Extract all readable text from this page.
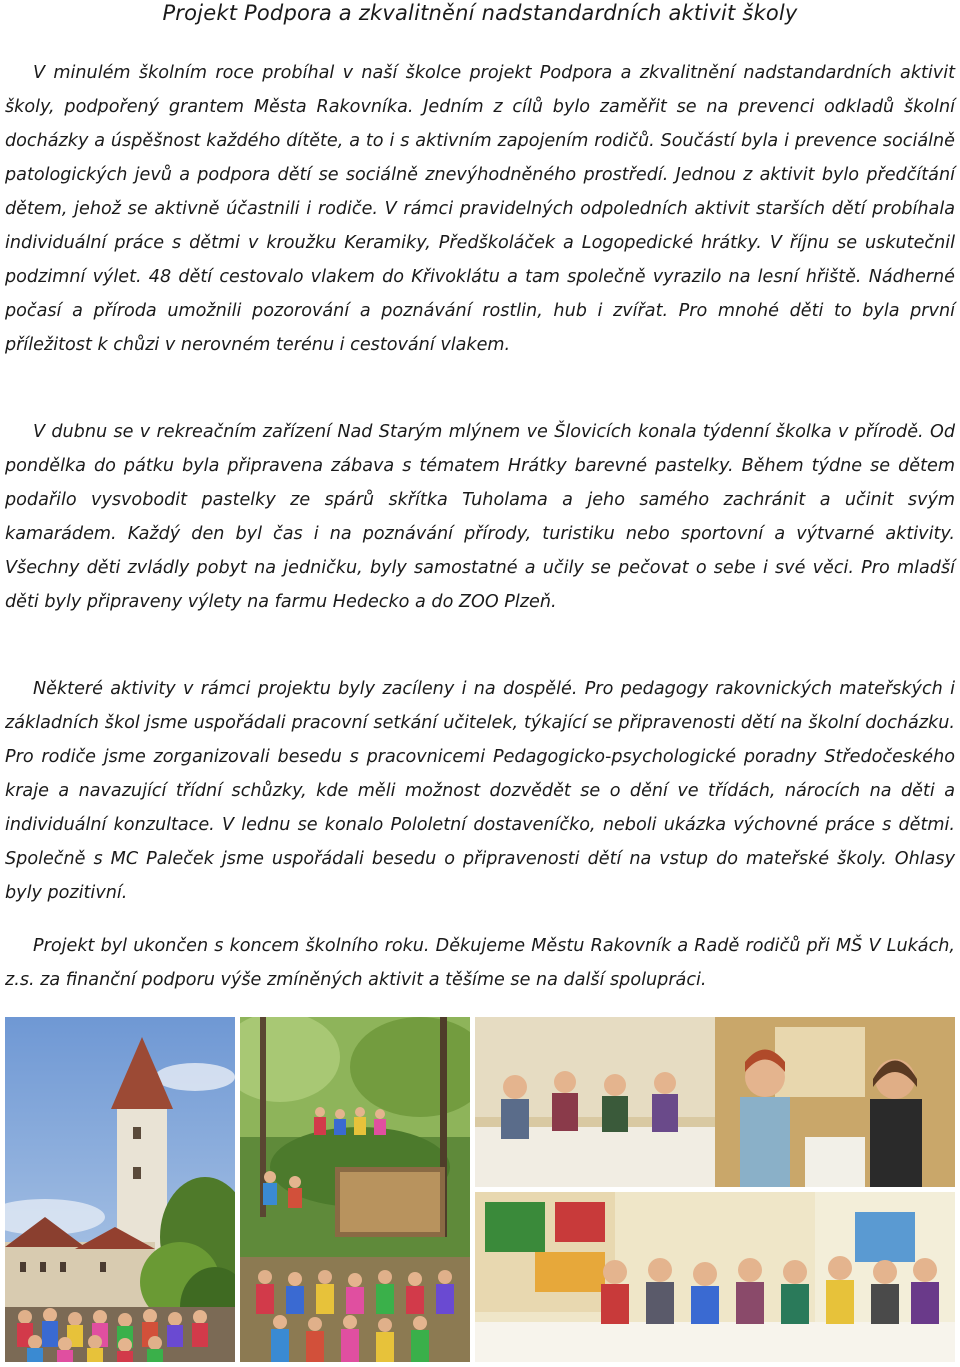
Projekt Podpora a zkvalitnění nadstandardních aktivit školy

V minulém školním roce probíhal v naší školce projekt Podpora a zkvalitnění nadstandardních aktivit školy, podpořený grantem Města Rakovníka. Jedním z cílů bylo zaměřit se na prevenci odkladů školní docházky a úspěšnost každého dítěte, a to i s aktivním zapojením rodičů. Součástí byla i prevence sociálně patologických jevů a podpora dětí se sociálně znevýhodněného prostředí. Jednou z aktivit bylo předčítání dětem, jehož se aktivně účastnili i rodiče. V rámci pravidelných odpoledních aktivit starších dětí probíhala individuální práce s dětmi v kroužku Keramiky, Předškoláček a Logopedické hrátky. V říjnu se uskutečnil podzimní výlet. 48 dětí cestovalo vlakem do Křivoklátu a tam společně vyrazilo na lesní hřiště. Nádherné počasí a příroda umožnili pozorování a poznávání rostlin, hub i zvířat. Pro mnohé děti to byla první příležitost k chůzi v nerovném terénu i cestování vlakem.

V dubnu se v rekreačním zařízení Nad Starým mlýnem ve Šlovicích konala týdenní školka v přírodě. Od pondělka do pátku byla připravena zábava s tématem Hrátky barevné pastelky. Během týdne se dětem podařilo vysvobodit pastelky ze spárů skřítka Tuholama a jeho samého zachránit a učinit svým kamarádem. Každý den byl čas i na poznávání přírody, turistiku nebo sportovní a výtvarné aktivity. Všechny děti zvládly pobyt na jedničku, byly samostatné a učily se pečovat o sebe i své věci. Pro mladší děti byly připraveny výlety na farmu Hedecko a do ZOO Plzeň.

Některé aktivity v rámci projektu byly zacíleny i na dospělé. Pro pedagogy rakovnických mateřských i základních škol jsme uspořádali pracovní setkání učitelek, týkající se připravenosti dětí na školní docházku. Pro rodiče jsme zorganizovali besedu s pracovnicemi Pedagogicko-psychologické poradny Středočeského kraje a navazující třídní schůzky, kde měli možnost dozvědět se o dění ve třídách, nárocích na děti a individuální konzultace. V lednu se konalo Pololetní dostaveníčko, neboli ukázka výchovné práce s dětmi. Společně s MC Paleček jsme uspořádali besedu o připravenosti dětí na vstup do mateřské školy. Ohlasy byly pozitivní.

Projekt byl ukončen s koncem školního roku. Děkujeme Městu Rakovník a Radě rodičů při MŠ V Lukách, z.s. za finanční podporu výše zmíněných aktivit a těšíme se na další spolupráci.
